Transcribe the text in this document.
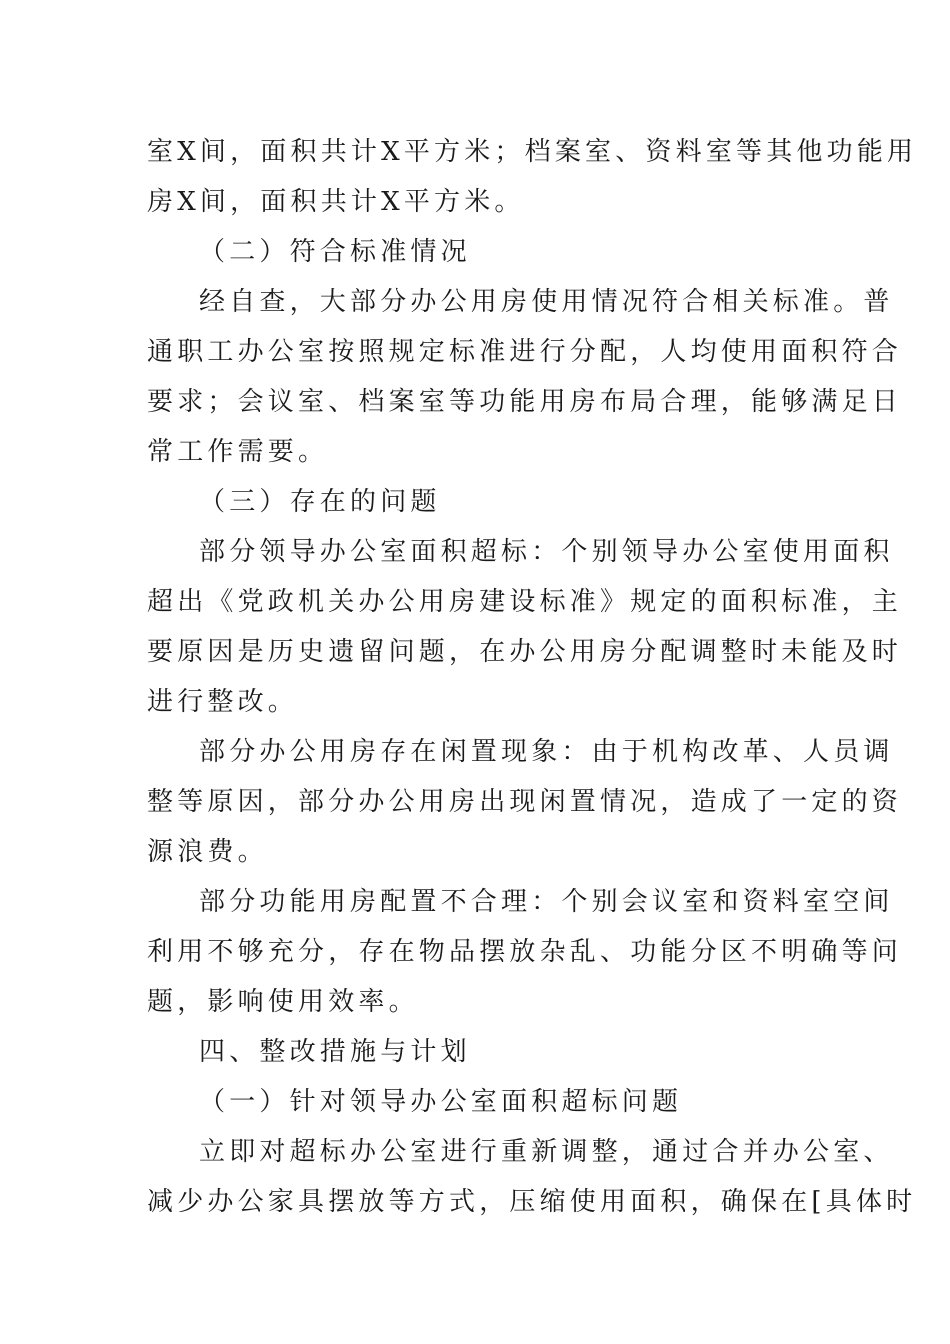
室X间，面积共计X平方米；档案室、资料室等其他功能用
房X间，面积共计X平方米。
（二）符合标准情况
经自查，大部分办公用房使用情况符合相关标准。普
通职工办公室按照规定标准进行分配，人均使用面积符合
要求；会议室、档案室等功能用房布局合理，能够满足日
常工作需要。
（三）存在的问题
部分领导办公室面积超标：个别领导办公室使用面积
超出《党政机关办公用房建设标准》规定的面积标准，主
要原因是历史遗留问题，在办公用房分配调整时未能及时
进行整改。
部分办公用房存在闲置现象：由于机构改革、人员调
整等原因，部分办公用房出现闲置情况，造成了一定的资
源浪费。
部分功能用房配置不合理：个别会议室和资料室空间
利用不够充分，存在物品摆放杂乱、功能分区不明确等问
题，影响使用效率。
四、整改措施与计划
（一）针对领导办公室面积超标问题
立即对超标办公室进行重新调整，通过合并办公室、
减少办公家具摆放等方式，压缩使用面积，确保在[具体时
